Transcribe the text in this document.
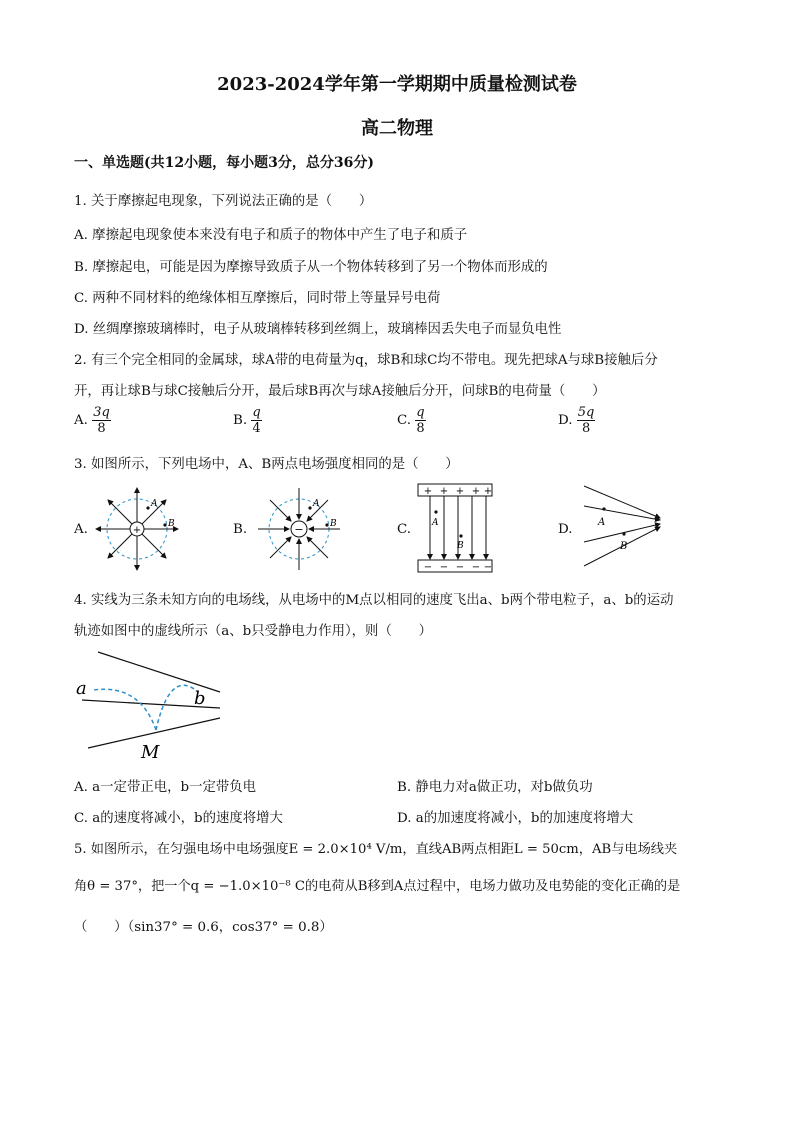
2023-2024学年第一学期期中质量检测试卷
高二物理
一、单选题(共12小题，每小题3分，总分36分)
1. 关于摩擦起电现象，下列说法正确的是（　　）
A. 摩擦起电现象使本来没有电子和质子的物体中产生了电子和质子
B. 摩擦起电，可能是因为摩擦导致质子从一个物体转移到了另一个物体而形成的
C. 两种不同材料的绝缘体相互摩擦后，同时带上等量异号电荷
D. 丝绸摩擦玻璃棒时，电子从玻璃棒转移到丝绸上，玻璃棒因丢失电子而显负电性
2. 有三个完全相同的金属球，球A带的电荷量为q，球B和球C均不带电。现先把球A与球B接触后分
开，再让球B与球C接触后分开，最后球B再次与球A接触后分开，问球B的电荷量（　　）
A. $\frac{3q}{8}$	B. $\frac{q}{4}$	C. $\frac{q}{8}$	D. $\frac{5q}{8}$
3. 如图所示，下列电场中，A、B两点电场强度相同的是（　　）
A.	B.	C.	D.
+
A
B	−
A
B
+ + + + +
− − − − −
A
B
A
B
4. 实线为三条未知方向的电场线，从电场中的M点以相同的速度飞出a、b两个带电粒子，a、b的运动
轨迹如图中的虚线所示（a、b只受静电力作用），则（　　）
a	b
M
A. a一定带正电，b一定带负电	B. 静电力对a做正功，对b做负功
C. a的速度将减小，b的速度将增大	D. a的加速度将减小，b的加速度将增大
5. 如图所示，在匀强电场中电场强度E = 2.0×10⁴ V/m，直线AB两点相距L = 50cm，AB与电场线夹
角θ = 37°，把一个q = −1.0×10⁻⁸ C的电荷从B移到A点过程中，电场力做功及电势能的变化正确的是
（　　）（sin37° = 0.6，cos37° = 0.8）
